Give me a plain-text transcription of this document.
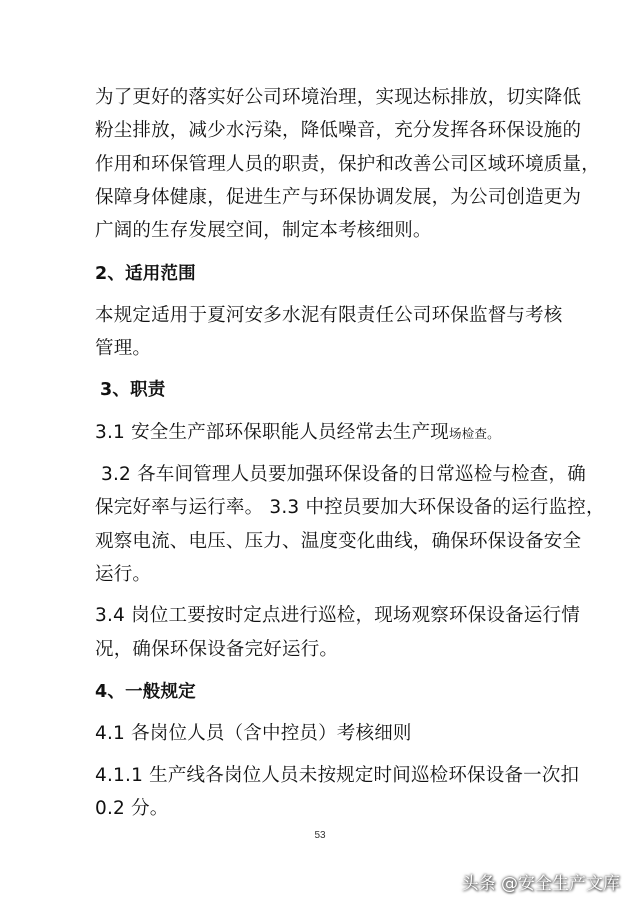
为了更好的落实好公司环境治理，实现达标排放，切实降低
粉尘排放，减少水污染，降低噪音，充分发挥各环保设施的
作用和环保管理人员的职责，保护和改善公司区域环境质量，
保障身体健康，促进生产与环保协调发展，为公司创造更为
广阔的生存发展空间，制定本考核细则。
2、适用范围
本规定适用于夏河安多水泥有限责任公司环保监督与考核
管理。
3、职责
3.1 安全生产部环保职能人员经常去生产现场检查。
3.2 各车间管理人员要加强环保设备的日常巡检与检查，确
保完好率与运行率。 3.3 中控员要加大环保设备的运行监控，
观察电流、电压、压力、温度变化曲线，确保环保设备安全
运行。
3.4 岗位工要按时定点进行巡检，现场观察环保设备运行情
况，确保环保设备完好运行。
4、一般规定
4.1 各岗位人员（含中控员）考核细则
4.1.1 生产线各岗位人员未按规定时间巡检环保设备一次扣
0.2 分。
53
头条 @安全生产文库
